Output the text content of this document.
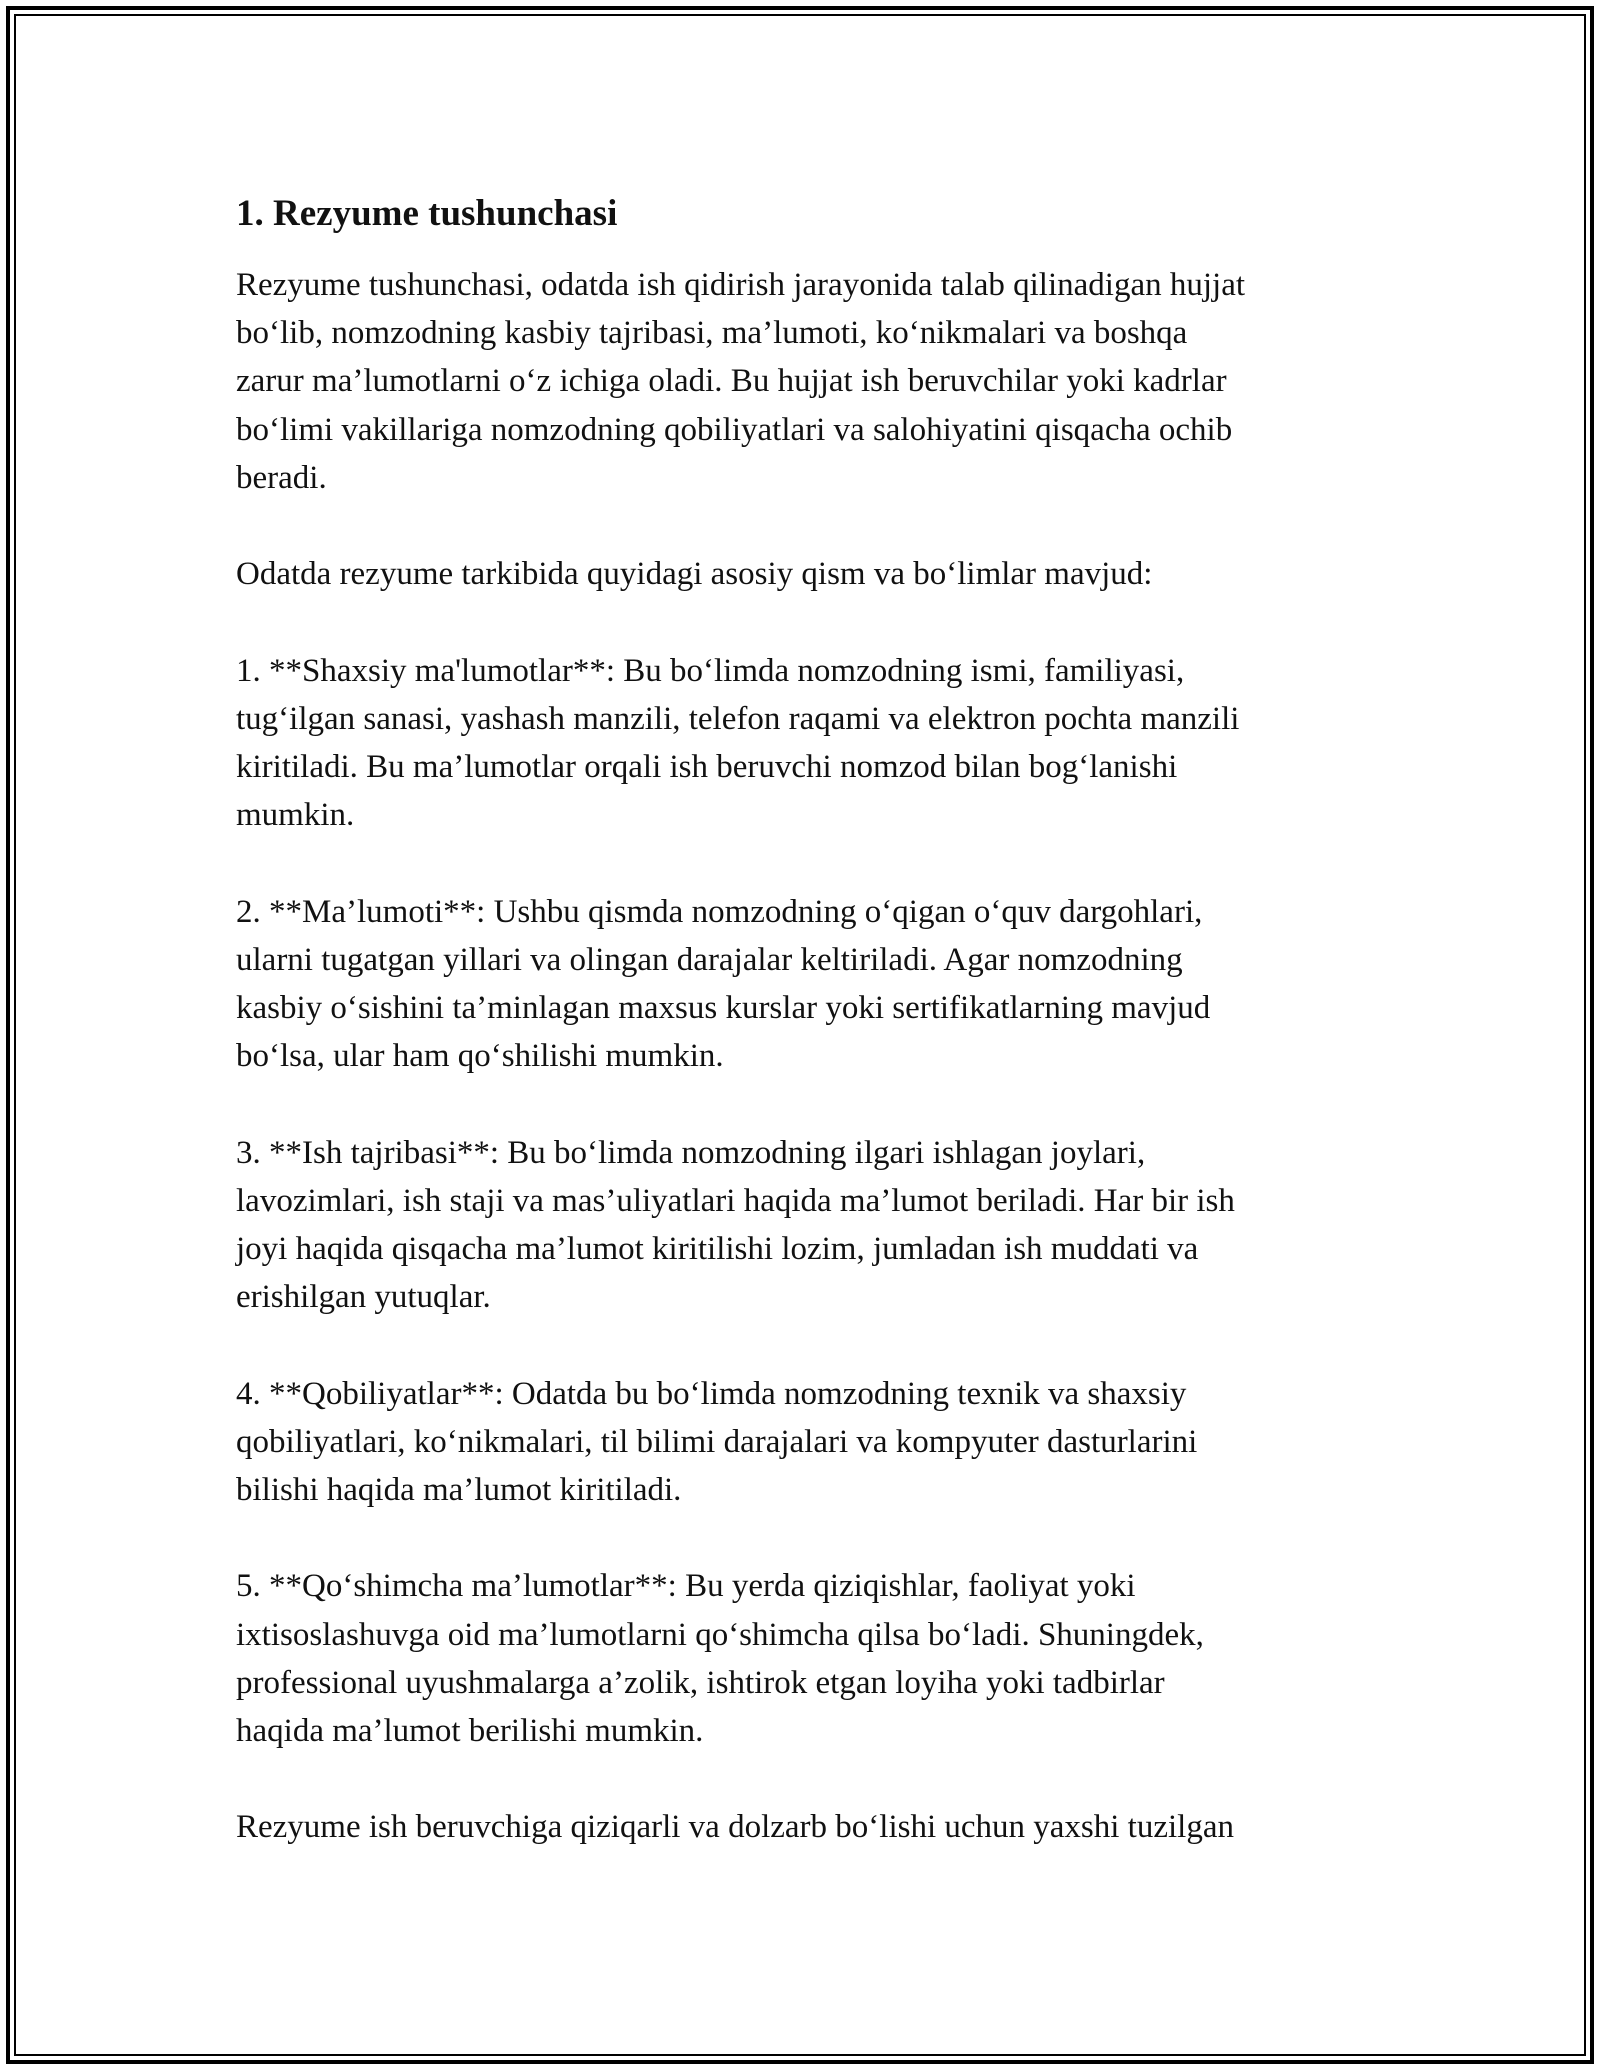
1. Rezyume tushunchasi
Rezyume tushunchasi, odatda ish qidirish jarayonida talab qilinadigan hujjat
bo‘lib, nomzodning kasbiy tajribasi, ma’lumoti, ko‘nikmalari va boshqa
zarur ma’lumotlarni o‘z ichiga oladi. Bu hujjat ish beruvchilar yoki kadrlar
bo‘limi vakillariga nomzodning qobiliyatlari va salohiyatini qisqacha ochib
beradi.
Odatda rezyume tarkibida quyidagi asosiy qism va bo‘limlar mavjud:
1. **Shaxsiy ma'lumotlar**: Bu bo‘limda nomzodning ismi, familiyasi,
tug‘ilgan sanasi, yashash manzili, telefon raqami va elektron pochta manzili
kiritiladi. Bu ma’lumotlar orqali ish beruvchi nomzod bilan bog‘lanishi
mumkin.
2. **Ma’lumoti**: Ushbu qismda nomzodning o‘qigan o‘quv dargohlari,
ularni tugatgan yillari va olingan darajalar keltiriladi. Agar nomzodning
kasbiy o‘sishini ta’minlagan maxsus kurslar yoki sertifikatlarning mavjud
bo‘lsa, ular ham qo‘shilishi mumkin.
3. **Ish tajribasi**: Bu bo‘limda nomzodning ilgari ishlagan joylari,
lavozimlari, ish staji va mas’uliyatlari haqida ma’lumot beriladi. Har bir ish
joyi haqida qisqacha ma’lumot kiritilishi lozim, jumladan ish muddati va
erishilgan yutuqlar.
4. **Qobiliyatlar**: Odatda bu bo‘limda nomzodning texnik va shaxsiy
qobiliyatlari, ko‘nikmalari, til bilimi darajalari va kompyuter dasturlarini
bilishi haqida ma’lumot kiritiladi.
5. **Qo‘shimcha ma’lumotlar**: Bu yerda qiziqishlar, faoliyat yoki
ixtisoslashuvga oid ma’lumotlarni qo‘shimcha qilsa bo‘ladi. Shuningdek,
professional uyushmalarga a’zolik, ishtirok etgan loyiha yoki tadbirlar
haqida ma’lumot berilishi mumkin.
Rezyume ish beruvchiga qiziqarli va dolzarb bo‘lishi uchun yaxshi tuzilgan
